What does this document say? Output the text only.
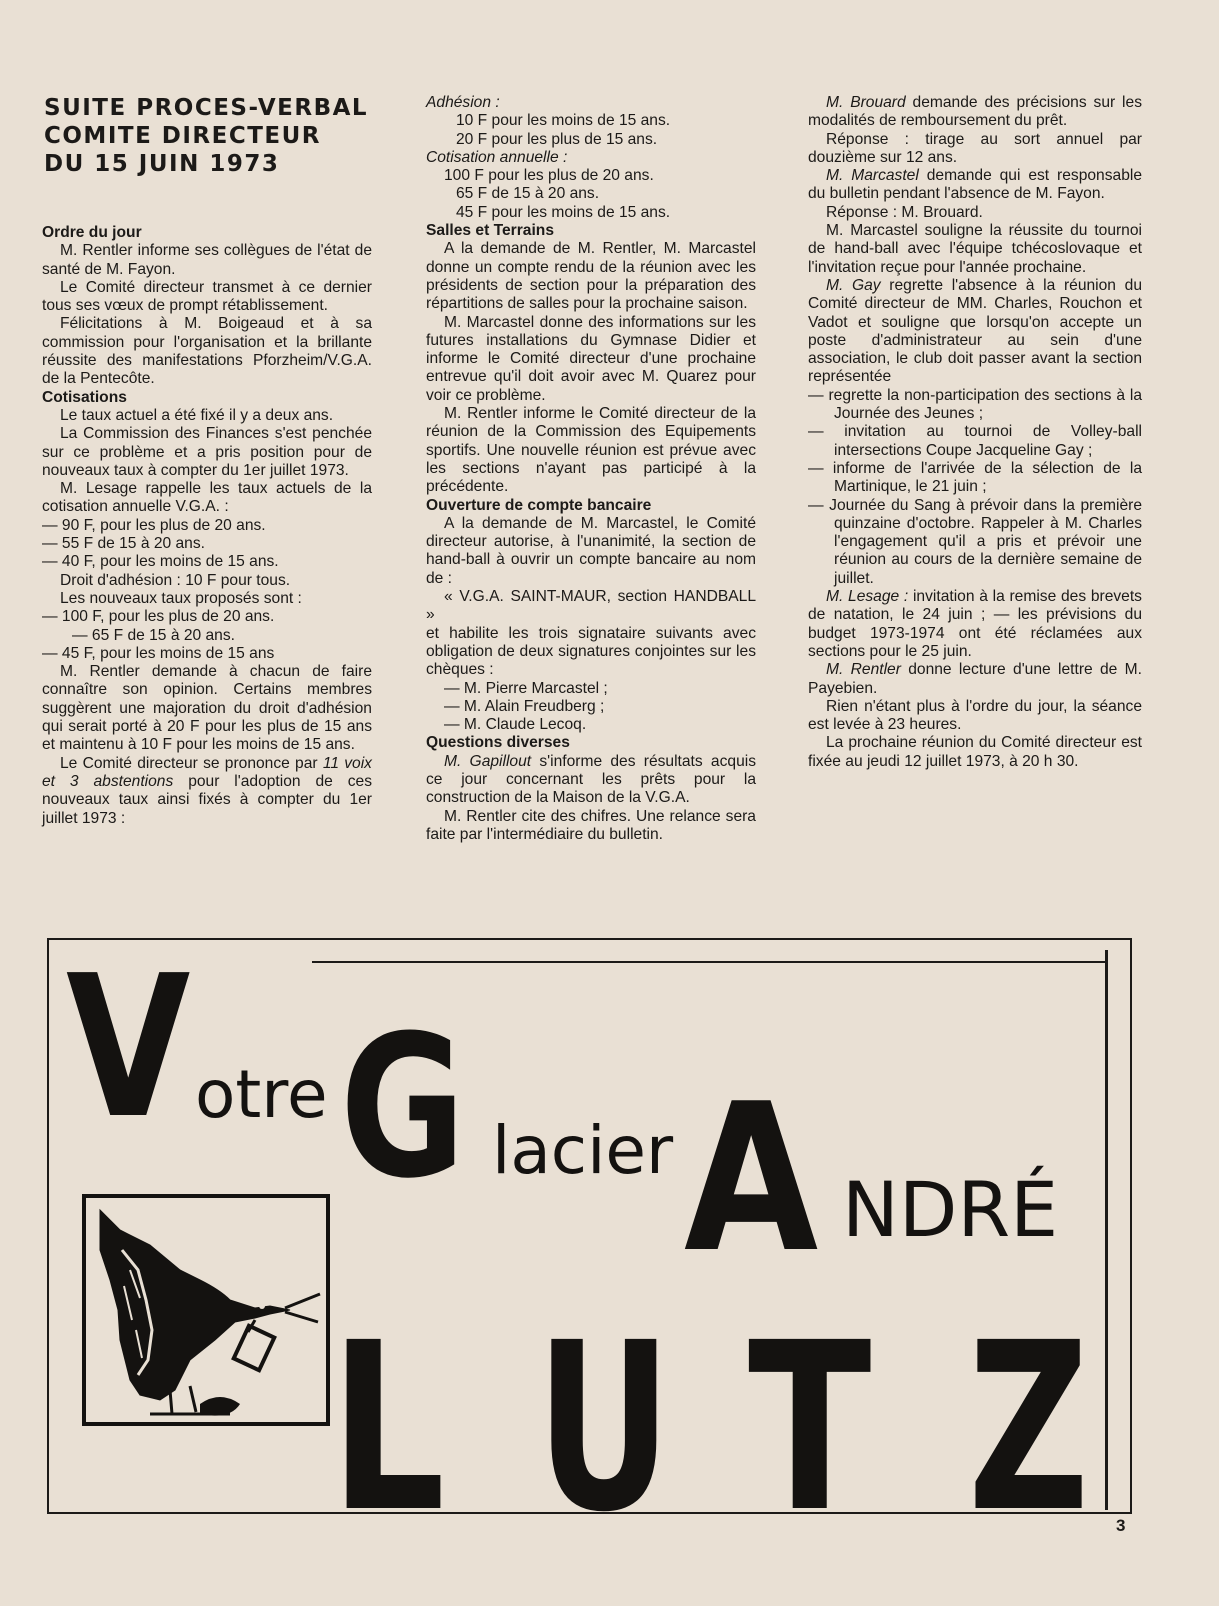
SUITE PROCES-VERBAL
COMITE DIRECTEUR
DU 15 JUIN 1973
Ordre du jour
M. Rentler informe ses collègues de l'état de santé de M. Fayon.
Le Comité directeur transmet à ce dernier tous ses vœux de prompt rétablissement.
Félicitations à M. Boigeaud et à sa commission pour l'organisation et la brillante réussite des manifestations Pforzheim/V.G.A. de la Pentecôte.
Cotisations
Le taux actuel a été fixé il y a deux ans.
La Commission des Finances s'est penchée sur ce problème et a pris position pour de nouveaux taux à compter du 1er juillet 1973.
M. Lesage rappelle les taux actuels de la cotisation annuelle V.G.A. :
— 90 F, pour les plus de 20 ans.
— 55 F de 15 à 20 ans.
— 40 F, pour les moins de 15 ans.
Droit d'adhésion : 10 F pour tous.
Les nouveaux taux proposés sont :
— 100 F, pour les plus de 20 ans.
— 65 F de 15 à 20 ans.
— 45 F, pour les moins de 15 ans
M. Rentler demande à chacun de faire connaître son opinion. Certains membres suggèrent une majoration du droit d'adhésion qui serait porté à 20 F pour les plus de 15 ans et maintenu à 10 F pour les moins de 15 ans.
Le Comité directeur se prononce par 11 voix et 3 abstentions pour l'adoption de ces nouveaux taux ainsi fixés à compter du 1er juillet 1973 :
Adhésion :
10 F pour les moins de 15 ans.
20 F pour les plus de 15 ans.
Cotisation annuelle :
100 F pour les plus de 20 ans.
65 F de 15 à 20 ans.
45 F pour les moins de 15 ans.
Salles et Terrains
A la demande de M. Rentler, M. Marcastel donne un compte rendu de la réunion avec les présidents de section pour la préparation des répartitions de salles pour la prochaine saison.
M. Marcastel donne des informations sur les futures installations du Gymnase Didier et informe le Comité directeur d'une prochaine entrevue qu'il doit avoir avec M. Quarez pour voir ce problème.
M. Rentler informe le Comité directeur de la réunion de la Commission des Equipements sportifs. Une nouvelle réunion est prévue avec les sections n'ayant pas participé à la précédente.
Ouverture de compte bancaire
A la demande de M. Marcastel, le Comité directeur autorise, à l'unanimité, la section de hand-ball à ouvrir un compte bancaire au nom de :
« V.G.A. SAINT-MAUR, section HANDBALL »
et habilite les trois signataire suivants avec obligation de deux signatures conjointes sur les chèques :
— M. Pierre Marcastel ;
— M. Alain Freudberg ;
— M. Claude Lecoq.
Questions diverses
M. Gapillout s'informe des résultats acquis ce jour concernant les prêts pour la construction de la Maison de la V.G.A.
M. Rentler cite des chifres. Une relance sera faite par l'intermédiaire du bulletin.
M. Brouard demande des précisions sur les modalités de remboursement du prêt.
Réponse : tirage au sort annuel par douzième sur 12 ans.
M. Marcastel demande qui est responsable du bulletin pendant l'absence de M. Fayon.
Réponse : M. Brouard.
M. Marcastel souligne la réussite du tournoi de hand-ball avec l'équipe tchécoslovaque et l'invitation reçue pour l'année prochaine.
M. Gay regrette l'absence à la réunion du Comité directeur de MM. Charles, Rouchon et Vadot et souligne que lorsqu'on accepte un poste d'administrateur au sein d'une association, le club doit passer avant la section représentée
— regrette la non-participation des sections à la Journée des Jeunes ;
— invitation au tournoi de Volley-ball intersections Coupe Jacqueline Gay ;
— informe de l'arrivée de la sélection de la Martinique, le 21 juin ;
— Journée du Sang à prévoir dans la première quinzaine d'octobre. Rappeler à M. Charles l'engagement qu'il a pris et prévoir une réunion au cours de la dernière semaine de juillet.
M. Lesage : invitation à la remise des brevets de natation, le 24 juin ; — les prévisions du budget 1973-1974 ont été réclamées aux sections pour le 25 juin.
M. Rentler donne lecture d'une lettre de M. Payebien.
Rien n'étant plus à l'ordre du jour, la séance est levée à 23 heures.
La prochaine réunion du Comité directeur est fixée au jeudi 12 juillet 1973, à 20 h 30.
V otre G lacier A NDRÉ
L U T Z 3
